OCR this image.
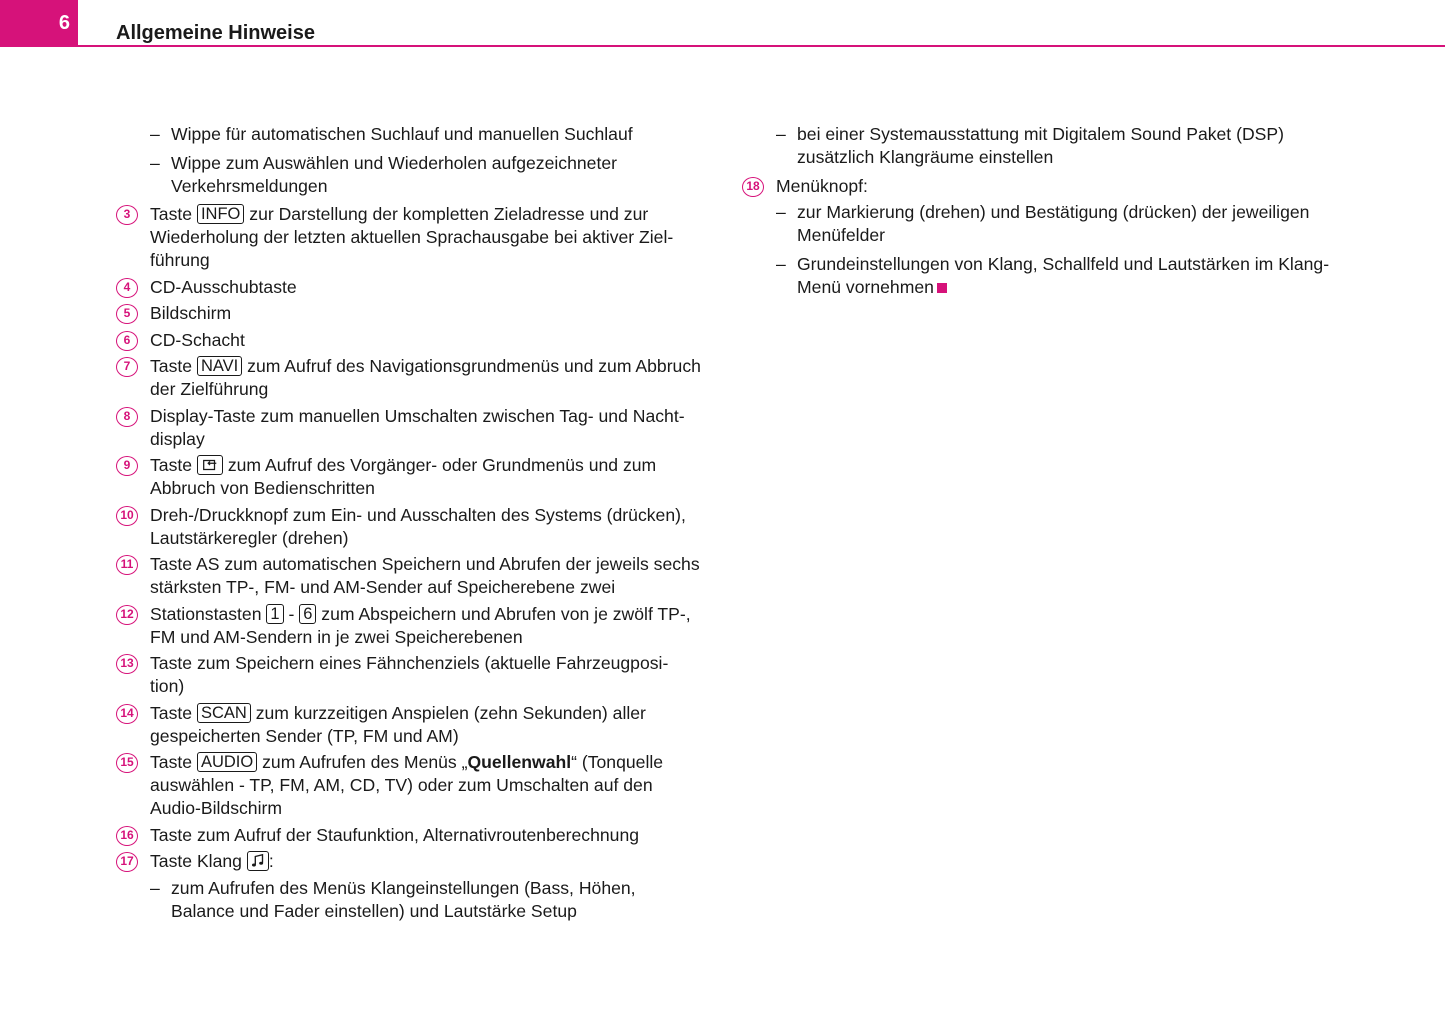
6	Allgemeine Hinweise
– Wippe für automatischen Suchlauf und manuellen Suchlauf
– Wippe zum Auswählen und Wiederholen aufgezeichneter Verkehrsmeldungen
3	Taste INFO zur Darstellung der kompletten Zieladresse und zur Wiederholung der letzten aktuellen Sprachausgabe bei aktiver Ziel-führung
4	CD-Ausschubtaste
5	Bildschirm
6	CD-Schacht
7	Taste NAVI zum Aufruf des Navigationsgrundmenüs und zum Abbruch der Zielführung
8	Display-Taste zum manuellen Umschalten zwischen Tag- und Nacht-display
9	Taste zum Aufruf des Vorgänger- oder Grundmenüs und zum Abbruch von Bedienschritten
10 Dreh-/Druckknopf zum Ein- und Ausschalten des Systems (drücken), Lautstärkeregler (drehen)
11 Taste AS zum automatischen Speichern und Abrufen der jeweils sechs stärksten TP-, FM- und AM-Sender auf Speicherebene zwei
12 Stationstasten 1 - 6 zum Abspeichern und Abrufen von je zwölf TP-, FM und AM-Sendern in je zwei Speicherebenen
13 Taste zum Speichern eines Fähnchenziels (aktuelle Fahrzeugposi-tion)
14 Taste SCAN zum kurzzeitigen Anspielen (zehn Sekunden) aller gespeicherten Sender (TP, FM und AM)
15 Taste AUDIO zum Aufrufen des Menüs „Quellenwahl“ (Tonquelle auswählen - TP, FM, AM, CD, TV) oder zum Umschalten auf den Audio-Bildschirm
16 Taste zum Aufruf der Staufunktion, Alternativroutenberechnung
17 Taste Klang :
– zum Aufrufen des Menüs Klangeinstellungen (Bass, Höhen, Balance und Fader einstellen) und Lautstärke Setup
– bei einer Systemausstattung mit Digitalem Sound Paket (DSP) zusätzlich Klangräume einstellen
18 Menüknopf:
– zur Markierung (drehen) und Bestätigung (drücken) der jeweiligen Menüfelder
– Grundeinstellungen von Klang, Schallfeld und Lautstärken im Klang-Menü vornehmen
